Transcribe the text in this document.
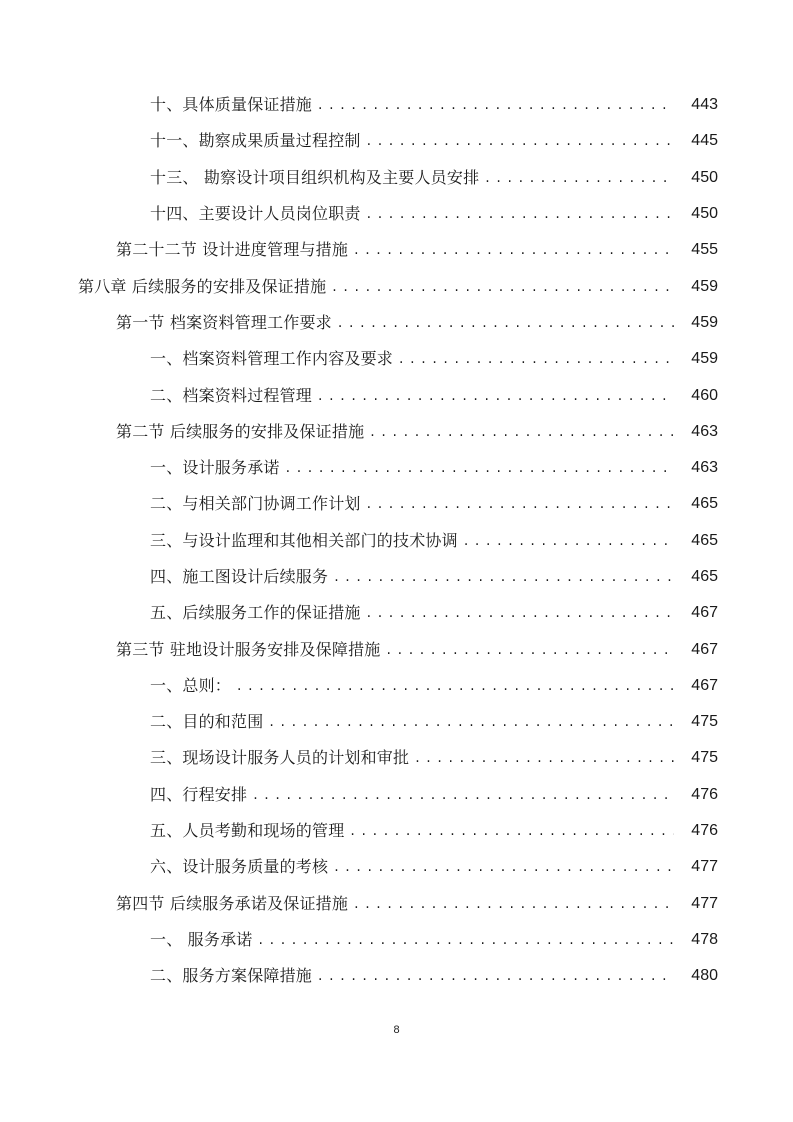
十、具体质量保证措施 . . .	443
十一、勘察成果质量过程控制 . . .	445
十三、 勘察设计项目组织机构及主要人员安排 . . .	450
十四、主要设计人员岗位职责 . . .	450
第二十二节 设计进度管理与措施 . . .	455
第八章 后续服务的安排及保证措施 . . .	459
第一节 档案资料管理工作要求 . . .	459
一、档案资料管理工作内容及要求 . . .	459
二、档案资料过程管理 . . .	460
第二节 后续服务的安排及保证措施 . . .	463
一、设计服务承诺 . . .	463
二、与相关部门协调工作计划 . . .	465
三、与设计监理和其他相关部门的技术协调 . . .	465
四、施工图设计后续服务 . . .	465
五、后续服务工作的保证措施 . . .	467
第三节 驻地设计服务安排及保障措施 . . .	467
一、总则： . . .	467
二、目的和范围 . . .	475
三、现场设计服务人员的计划和审批 . . .	475
四、行程安排 . . .	476
五、人员考勤和现场的管理 . . .	476
六、设计服务质量的考核 . . .	477
第四节 后续服务承诺及保证措施 . . .	477
一、 服务承诺 . . .	478
二、服务方案保障措施 . . .	480
8
